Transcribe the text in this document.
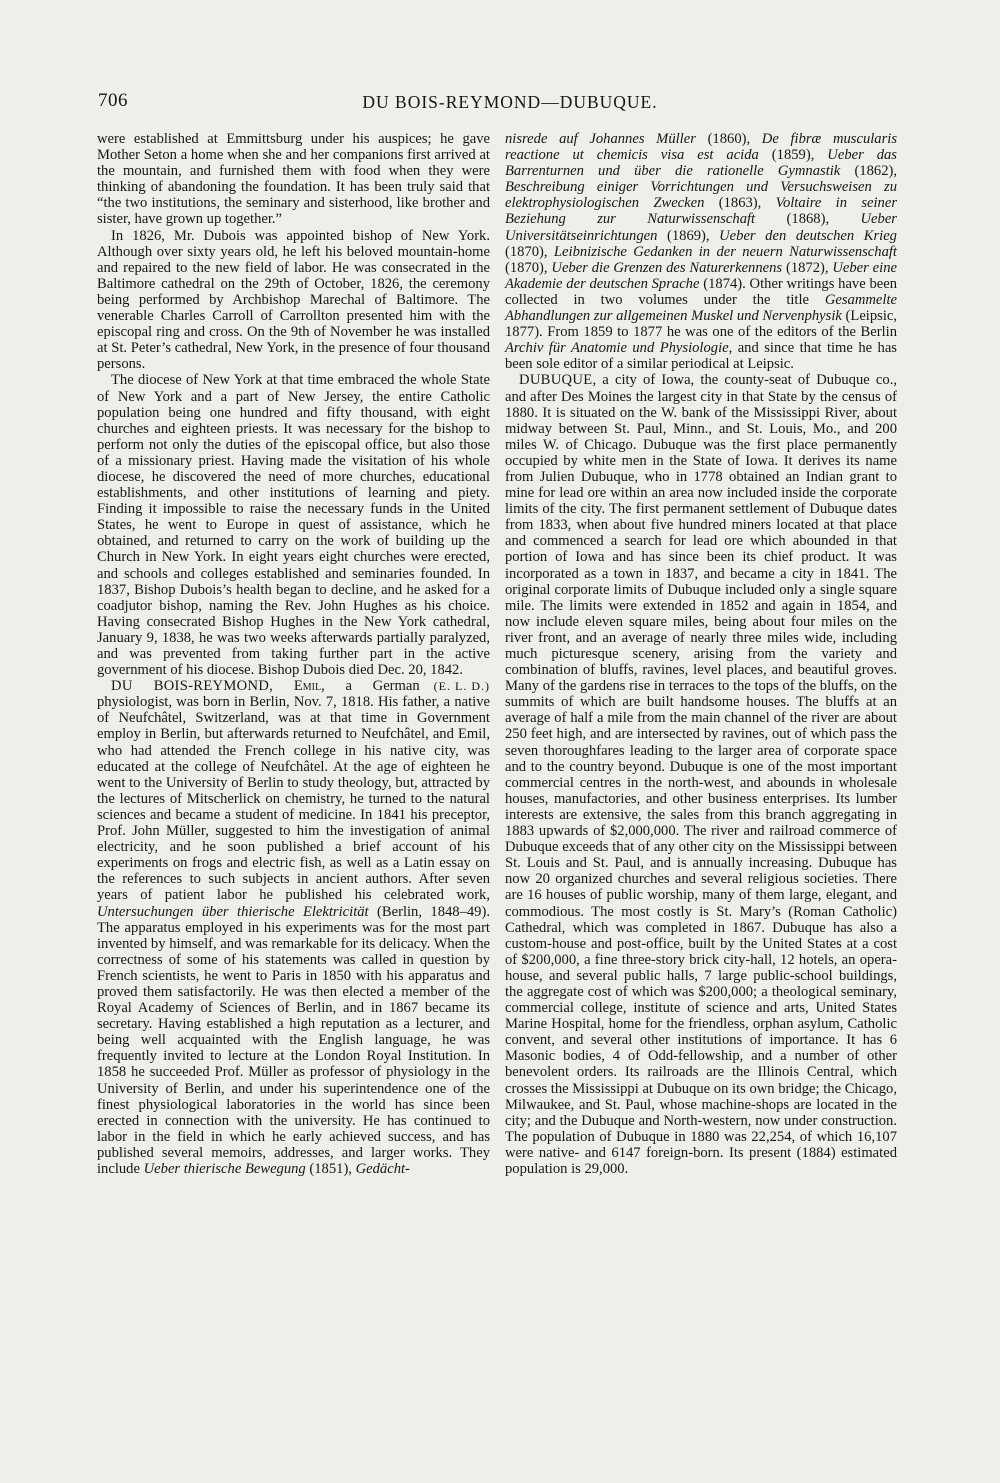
706	DU BOIS-REYMOND—DUBUQUE.

were established at Emmittsburg under his auspices; he gave Mother Seton a home when she and her companions first arrived at the mountain, and furnished them with food when they were thinking of abandoning the foundation. It has been truly said that “the two institutions, the seminary and sisterhood, like brother and sister, have grown up together.”

In 1826, Mr. Dubois was appointed bishop of New York. Although over sixty years old, he left his beloved mountain-home and repaired to the new field of labor. He was consecrated in the Baltimore cathedral on the 29th of October, 1826, the ceremony being performed by Archbishop Marechal of Baltimore. The venerable Charles Carroll of Carrollton presented him with the episcopal ring and cross. On the 9th of November he was installed at St. Peter’s cathedral, New York, in the presence of four thousand persons.

The diocese of New York at that time embraced the whole State of New York and a part of New Jersey, the entire Catholic population being one hundred and fifty thousand, with eight churches and eighteen priests. It was necessary for the bishop to perform not only the duties of the episcopal office, but also those of a missionary priest. Having made the visitation of his whole diocese, he discovered the need of more churches, educational establishments, and other institutions of learning and piety. Finding it impossible to raise the necessary funds in the United States, he went to Europe in quest of assistance, which he obtained, and returned to carry on the work of building up the Church in New York. In eight years eight churches were erected, and schools and colleges established and seminaries founded. In 1837, Bishop Dubois’s health began to decline, and he asked for a coadjutor bishop, naming the Rev. John Hughes as his choice. Having consecrated Bishop Hughes in the New York cathedral, January 9, 1838, he was two weeks afterwards partially paralyzed, and was prevented from taking further part in the active government of his diocese. Bishop Dubois died Dec. 20, 1842.
(E. L. D.)

DU BOIS-REYMOND, Emil, a German physiologist, was born in Berlin, Nov. 7, 1818. His father, a native of Neufchâtel, Switzerland, was at that time in Government employ in Berlin, but afterwards returned to Neufchâtel, and Emil, who had attended the French college in his native city, was educated at the college of Neufchâtel. At the age of eighteen he went to the University of Berlin to study theology, but, attracted by the lectures of Mitscherlick on chemistry, he turned to the natural sciences and became a student of medicine. In 1841 his preceptor, Prof. John Müller, suggested to him the investigation of animal electricity, and he soon published a brief account of his experiments on frogs and electric fish, as well as a Latin essay on the references to such subjects in ancient authors. After seven years of patient labor he published his celebrated work, Untersuchungen über thierische Elektricität (Berlin, 1848–49). The apparatus employed in his experiments was for the most part invented by himself, and was remarkable for its delicacy. When the correctness of some of his statements was called in question by French scientists, he went to Paris in 1850 with his apparatus and proved them satisfactorily. He was then elected a member of the Royal Academy of Sciences of Berlin, and in 1867 became its secretary. Having established a high reputation as a lecturer, and being well acquainted with the English language, he was frequently invited to lecture at the London Royal Institution. In 1858 he succeeded Prof. Müller as professor of physiology in the University of Berlin, and under his superintendence one of the finest physiological laboratories in the world has since been erected in connection with the university. He has continued to labor in the field in which he early achieved success, and has published several memoirs, addresses, and larger works. They include Ueber thierische Bewegung (1851), Gedächt-

nisrede auf Johannes Müller (1860), De fibræ muscularis reactione ut chemicis visa est acida (1859), Ueber das Barrenturnen und über die rationelle Gymnastik (1862), Beschreibung einiger Vorrichtungen und Versuchsweisen zu elektrophysiologischen Zwecken (1863), Voltaire in seiner Beziehung zur Naturwissenschaft (1868), Ueber Universitätseinrichtungen (1869), Ueber den deutschen Krieg (1870), Leibnizische Gedanken in der neuern Naturwissenschaft (1870), Ueber die Grenzen des Naturerkennens (1872), Ueber eine Akademie der deutschen Sprache (1874). Other writings have been collected in two volumes under the title Gesammelte Abhandlungen zur allgemeinen Muskel und Nervenphysik (Leipsic, 1877). From 1859 to 1877 he was one of the editors of the Berlin Archiv für Anatomie und Physiologie, and since that time he has been sole editor of a similar periodical at Leipsic.

DUBUQUE, a city of Iowa, the county-seat of Dubuque co., and after Des Moines the largest city in that State by the census of 1880. It is situated on the W. bank of the Mississippi River, about midway between St. Paul, Minn., and St. Louis, Mo., and 200 miles W. of Chicago. Dubuque was the first place permanently occupied by white men in the State of Iowa. It derives its name from Julien Dubuque, who in 1778 obtained an Indian grant to mine for lead ore within an area now included inside the corporate limits of the city. The first permanent settlement of Dubuque dates from 1833, when about five hundred miners located at that place and commenced a search for lead ore which abounded in that portion of Iowa and has since been its chief product. It was incorporated as a town in 1837, and became a city in 1841. The original corporate limits of Dubuque included only a single square mile. The limits were extended in 1852 and again in 1854, and now include eleven square miles, being about four miles on the river front, and an average of nearly three miles wide, including much picturesque scenery, arising from the variety and combination of bluffs, ravines, level places, and beautiful groves. Many of the gardens rise in terraces to the tops of the bluffs, on the summits of which are built handsome houses. The bluffs at an average of half a mile from the main channel of the river are about 250 feet high, and are intersected by ravines, out of which pass the seven thoroughfares leading to the larger area of corporate space and to the country beyond. Dubuque is one of the most important commercial centres in the north-west, and abounds in wholesale houses, manufactories, and other business enterprises. Its lumber interests are extensive, the sales from this branch aggregating in 1883 upwards of $2,000,000. The river and railroad commerce of Dubuque exceeds that of any other city on the Mississippi between St. Louis and St. Paul, and is annually increasing. Dubuque has now 20 organized churches and several religious societies. There are 16 houses of public worship, many of them large, elegant, and commodious. The most costly is St. Mary’s (Roman Catholic) Cathedral, which was completed in 1867. Dubuque has also a custom-house and post-office, built by the United States at a cost of $200,000, a fine three-story brick city-hall, 12 hotels, an opera-house, and several public halls, 7 large public-school buildings, the aggregate cost of which was $200,000; a theological seminary, commercial college, institute of science and arts, United States Marine Hospital, home for the friendless, orphan asylum, Catholic convent, and several other institutions of importance. It has 6 Masonic bodies, 4 of Odd-fellowship, and a number of other benevolent orders. Its railroads are the Illinois Central, which crosses the Mississippi at Dubuque on its own bridge; the Chicago, Milwaukee, and St. Paul, whose machine-shops are located in the city; and the Dubuque and North-western, now under construction. The population of Dubuque in 1880 was 22,254, of which 16,107 were native- and 6147 foreign-born. Its present (1884) estimated population is 29,000.
